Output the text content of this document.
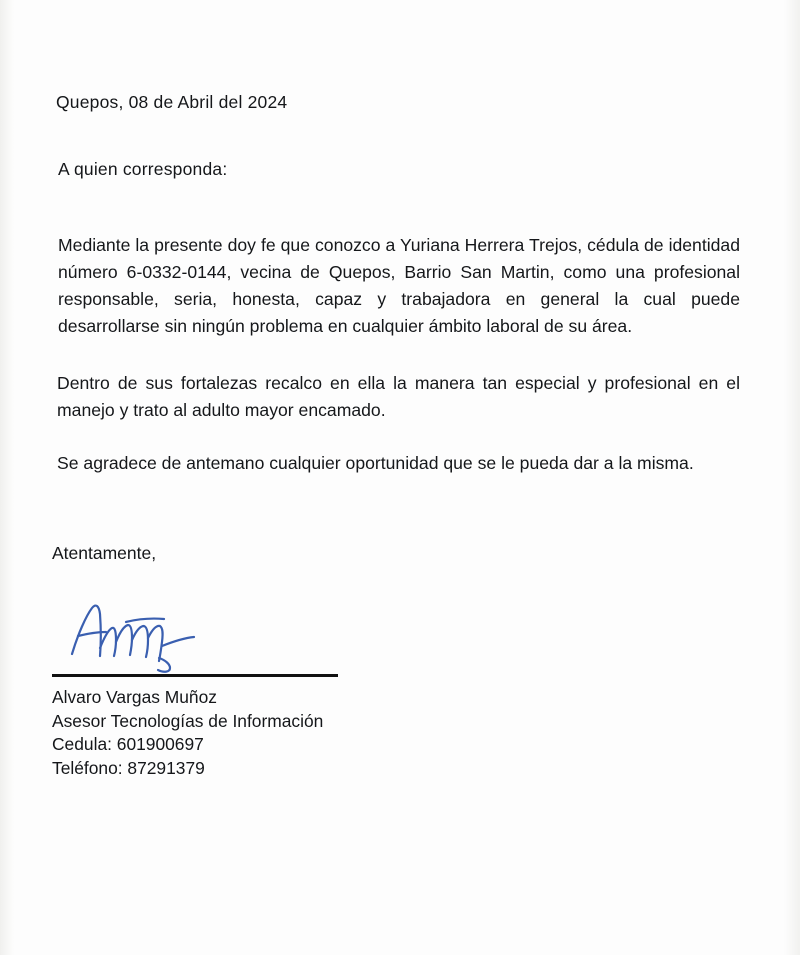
Quepos, 08 de Abril del 2024
A quien corresponda:

Mediante la presente doy fe que conozco a Yuriana Herrera Trejos, cédula de identidad número 6-0332-0144, vecina de Quepos, Barrio San Martin, como una profesional responsable, seria, honesta, capaz y trabajadora en general la cual puede desarrollarse sin ningún problema en cualquier ámbito laboral de su área.

Dentro de sus fortalezas recalco en ella la manera tan especial y profesional en el manejo y trato al adulto mayor encamado.

Se agradece de antemano cualquier oportunidad que se le pueda dar a la misma.

Atentamente,
Alvaro Vargas Muñoz
Asesor Tecnologías de Información
Cedula: 601900697
Teléfono: 87291379
